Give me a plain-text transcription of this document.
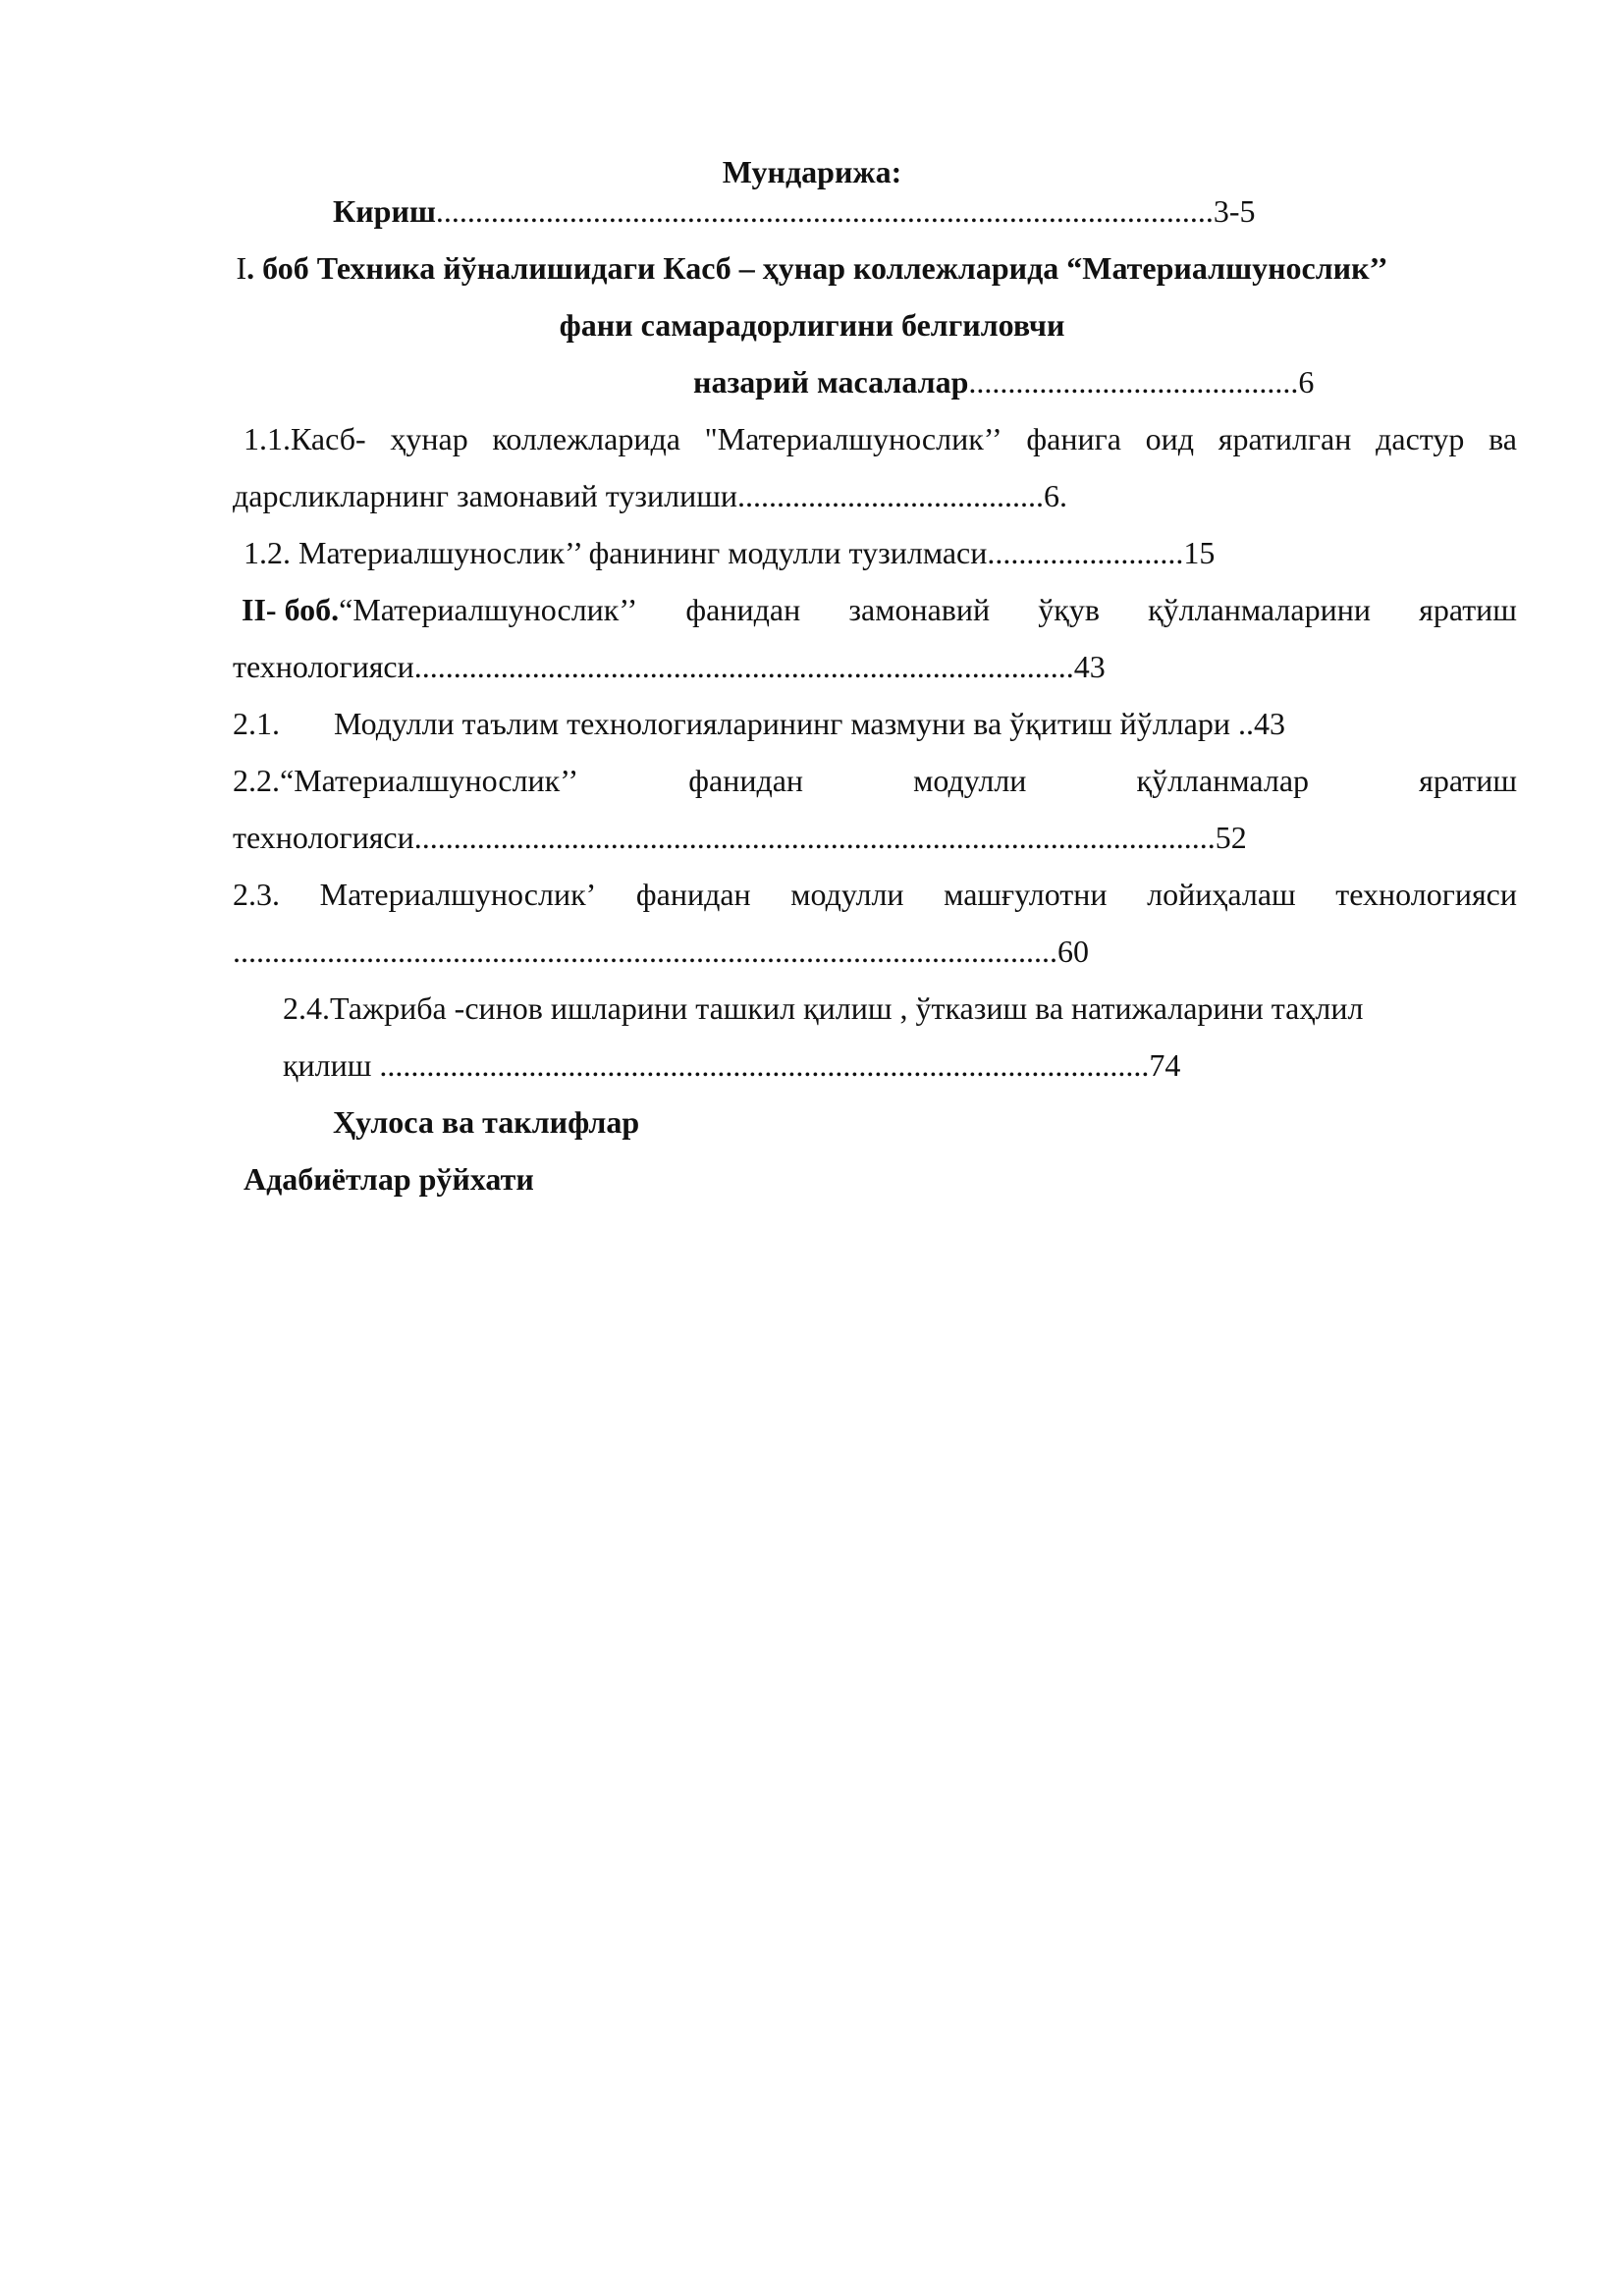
Мундарижа:
Кириш...................................................................................................3-5
I. боб Техника йўналишидаги Касб – ҳунар коллежларида “Материалшунослик’’
фани самарадорлигини белгиловчи
назарий масалалар..........................................6
1.1.Касб- ҳунар коллежларида "Материалшунослик’’ фанига оид яратилган дастур ва
дарсликларнинг замонавий тузилиши.......................................6.
1.2. Материалшунослик’’ фанининг модулли тузилмаси.........................15
II- боб.“Материалшунослик’’ фанидан замонавий ўқув қўлланмаларини яратиш
технологияси....................................................................................43
2.1. Модулли таълим технологияларининг мазмуни ва ўқитиш йўллари ..43
2.2.“Материалшунослик’’	фанидан	модулли	қўлланмалар	яратиш
технологияси......................................................................................................52
2.3. Материалшунослик’ фанидан модулли машғулотни лойиҳалаш технологияси
.........................................................................................................60
2.4.Тажриба -синов ишларини ташкил қилиш , ўтказиш ва натижаларини таҳлил
қилиш ..................................................................................................74
Ҳулоса ва таклифлар
Адабиётлар рўйхати
